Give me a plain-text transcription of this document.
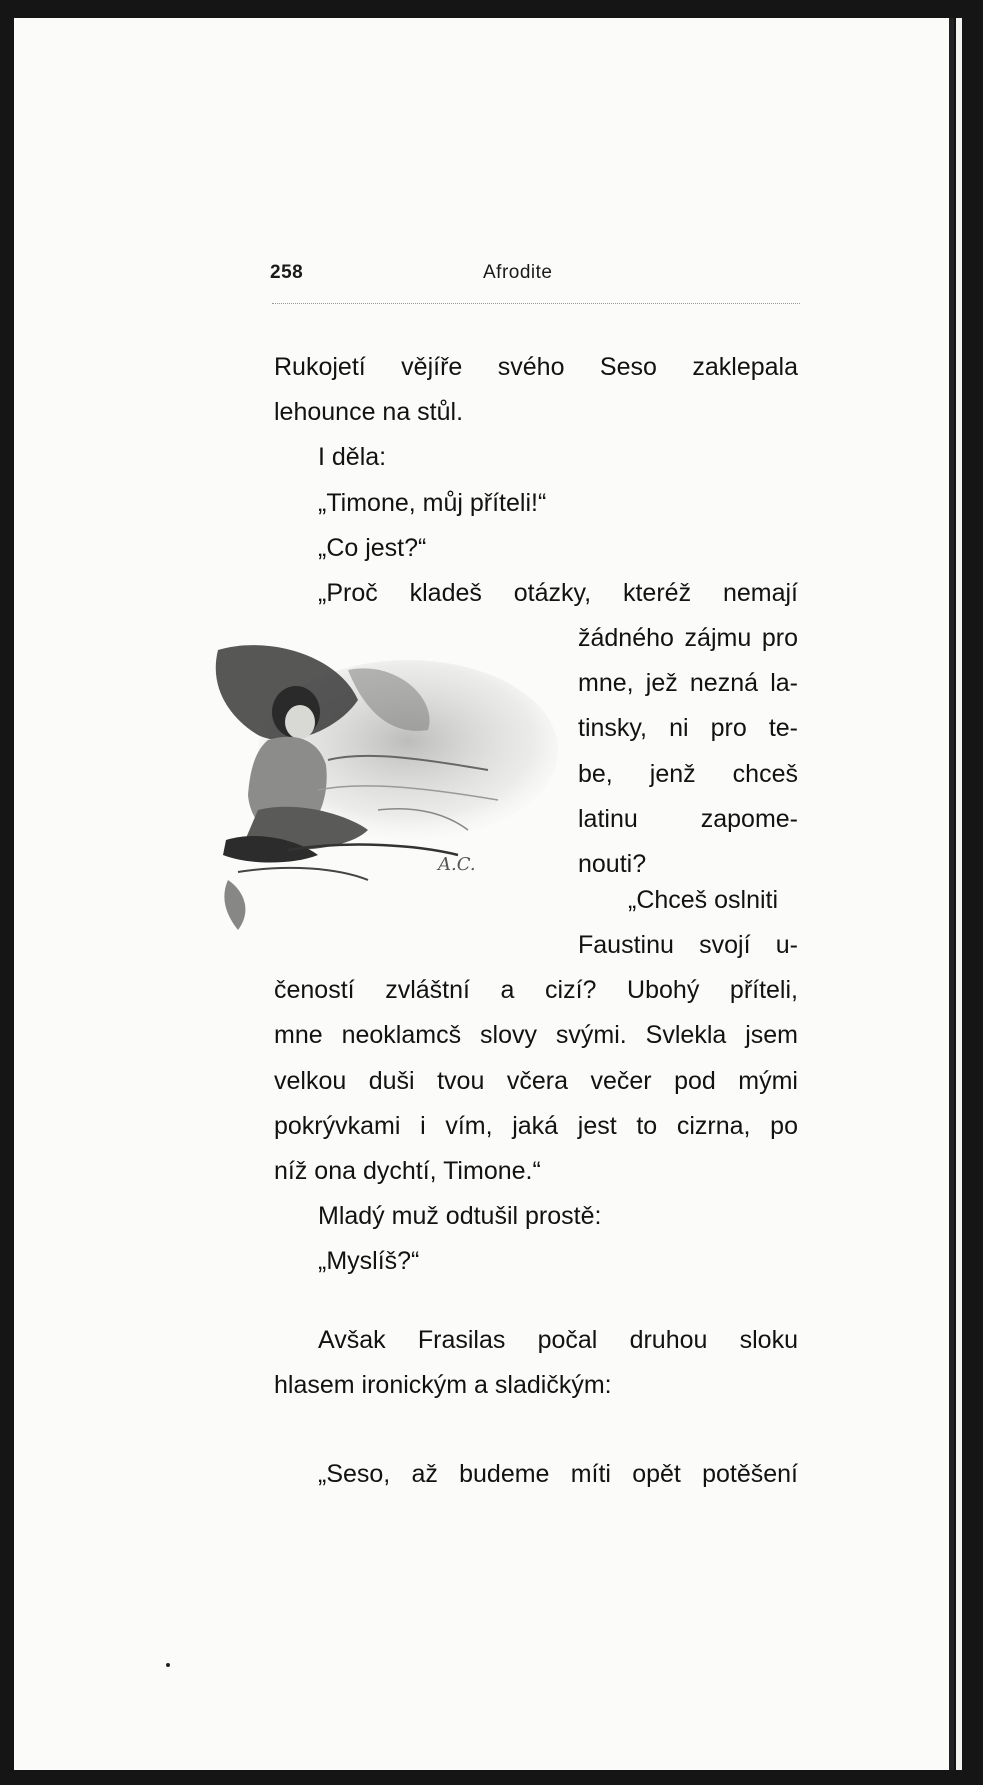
258	Afrodite
Rukojetí vějíře svého Seso zaklepala
lehounce na stůl.
I děla:
„Timone, můj příteli!“
„Co jest?“
„Proč kladeš otázky, kteréž nemají
žádného zájmu pro
mne, jež nezná la-
tinsky, ni pro te-
be, jenž chceš
latinu zapome-
nouti?
„Chceš oslniti
Faustinu svojí u-
čeností zvláštní a cizí? Ubohý příteli,
mne neoklamcš slovy svými. Svlekla jsem
velkou duši tvou včera večer pod mými
pokrývkami i vím, jaká jest to cizrna, po
níž ona dychtí, Timone.“
Mladý muž odtušil prostě:
„Myslíš?“
Avšak Frasilas počal druhou sloku
hlasem ironickým a sladičkým:
„Seso, až budeme míti opět potěšení
A.C.
